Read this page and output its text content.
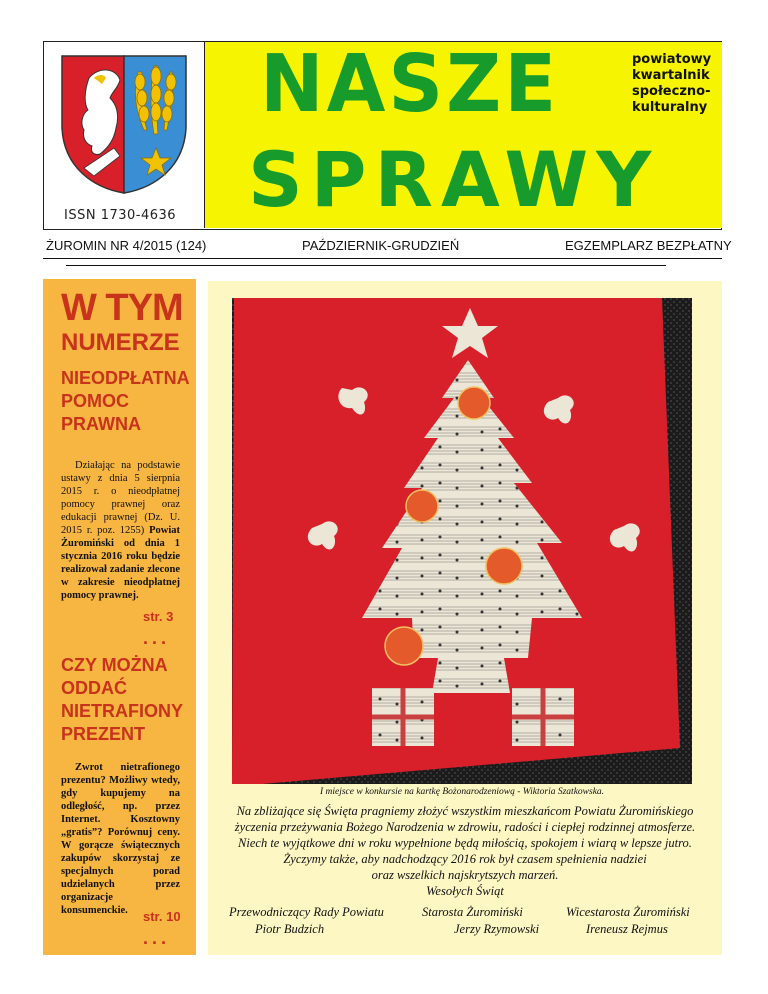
ISSN 1730-4636
NASZE
SPRAWY
powiatowy
kwartalnik
społeczno-
kulturalny
ŻUROMIN NR 4/2015 (124)	PAŹDZIERNIK-GRUDZIEŃ	EGZEMPLARZ BEZPŁATNY
W TYM
NUMERZE
NIEODPŁATNA
POMOC
PRAWNA
Działając na podstawie ustawy z dnia 5 sierpnia 2015 r. o nieodpłatnej pomocy prawnej oraz edukacji prawnej (Dz. U. 2015 r. poz. 1255) Powiat Żuromiński od dnia 1 stycznia 2016 roku będzie realizował zadanie zlecone w zakresie nieodpłatnej pomocy prawnej.
str. 3
...
CZY MOŻNA
ODDAĆ
NIETRAFIONY
PREZENT
Zwrot nietrafionego prezentu? Możliwy wtedy, gdy kupujemy na odległość, np. przez Internet. Kosztowny „gratis”? Porównuj ceny. W gorącze świątecznych zakupów skorzystaj ze specjalnych porad udzielanych przez organizacje konsumenckie.	str. 10
...
I miejsce w konkursie na kartkę Bożonarodzeniową - Wiktoria Szatkowska.
Na zbliżające się Święta pragniemy złożyć wszystkim mieszkańcom Powiatu Żuromińskiego
życzenia przeżywania Bożego Narodzenia w zdrowiu, radości i ciepłej rodzinnej atmosferze.
Niech te wyjątkowe dni w roku wypełnione będą miłością, spokojem i wiarą w lepsze jutro.
Życzymy także, aby nadchodzący 2016 rok był czasem spełnienia nadziei
oraz wszelkich najskrytszych marzeń.
Wesołych Świąt
Przewodniczący Rady Powiatu
Piotr Budzich
Starosta Żuromiński
Jerzy Rzymowski
Wicestarosta Żuromiński
Ireneusz Rejmus
